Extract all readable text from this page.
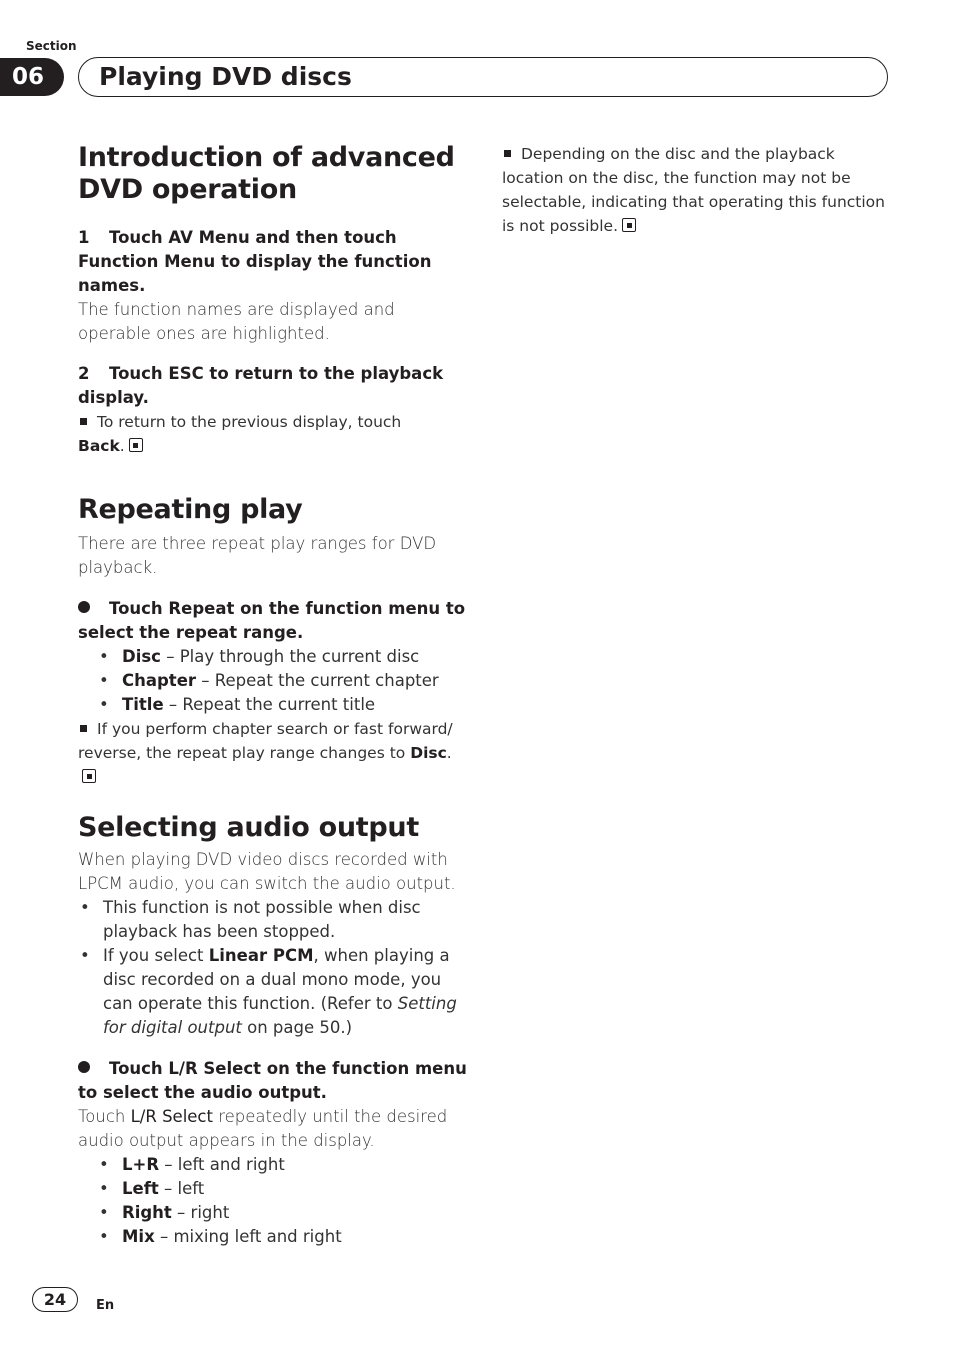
Section
06	Playing DVD discs
Introduction of advanced DVD operation

1 Touch AV Menu and then touch Function Menu to display the function names.

The function names are displayed and operable ones are highlighted.

2 Touch ESC to return to the playback display.

To return to the previous display, touch
Back.

Repeating play

There are three repeat play ranges for DVD playback.

Touch Repeat on the function menu to select the repeat range.

• Disc – Play through the current disc

• Chapter – Repeat the current chapter

• Title – Repeat the current title

If you perform chapter search or fast forward/ reverse, the repeat play range changes to Disc.

Selecting audio output

When playing DVD video discs recorded with LPCM audio, you can switch the audio output.

• This function is not possible when disc playback has been stopped.

• If you select Linear PCM, when playing a disc recorded on a dual mono mode, you can operate this function. (Refer to Setting for digital output on page 50.)

Touch L/R Select on the function menu to select the audio output.

Touch L/R Select repeatedly until the desired audio output appears in the display.

• L+R – left and right

• Left – left

• Right – right

• Mix – mixing left and right

Depending on the disc and the playback location on the disc, the function may not be selectable, indicating that operating this function is not possible.

24	En
